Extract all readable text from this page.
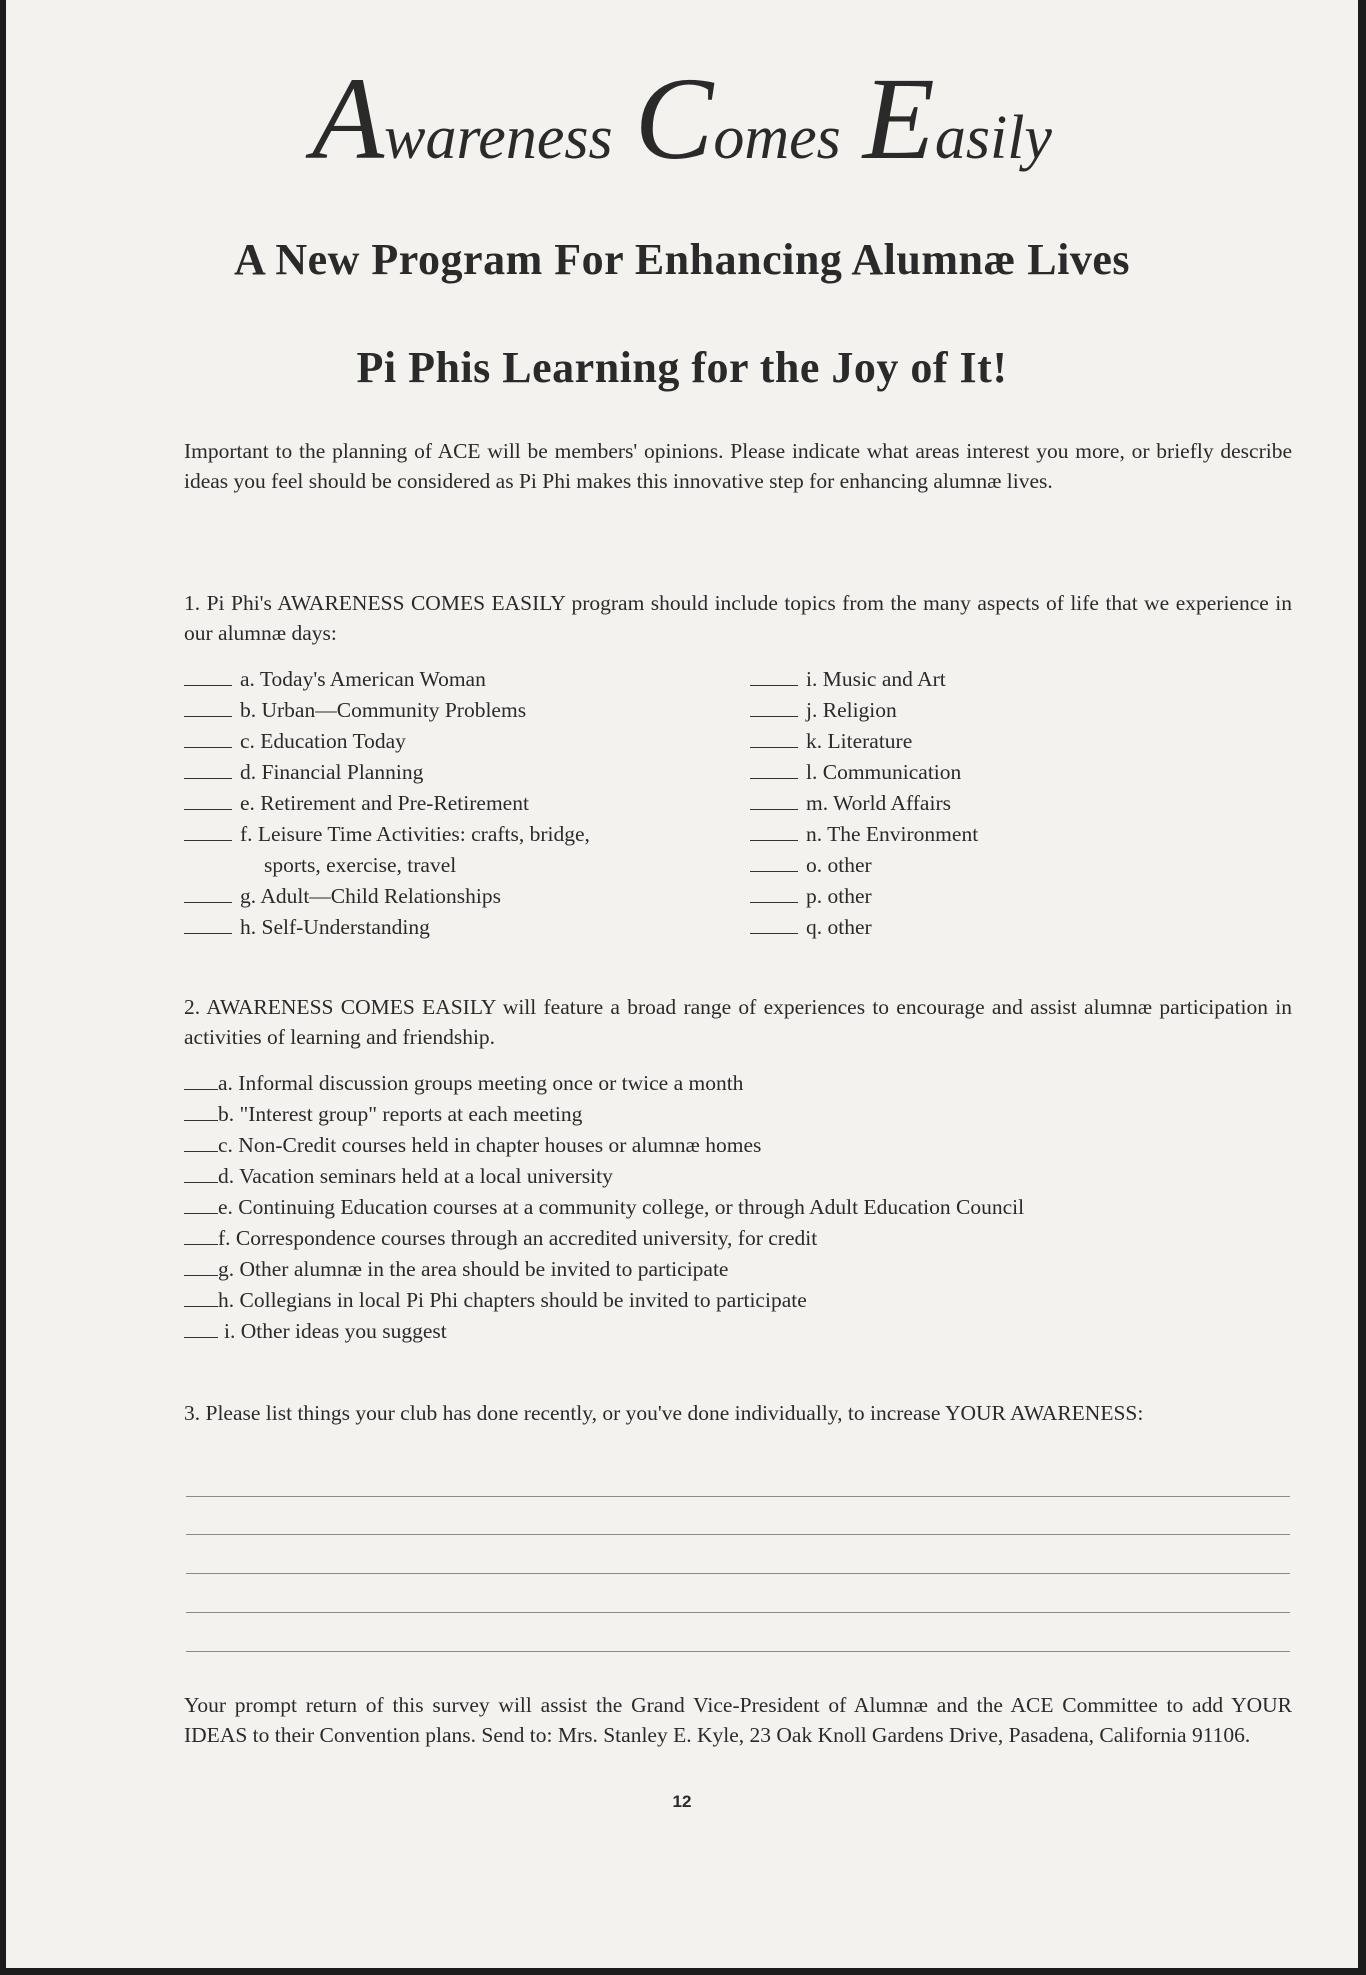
Awareness Comes Easily
A New Program For Enhancing Alumnæ Lives
Pi Phis Learning for the Joy of It!
Important to the planning of ACE will be members' opinions. Please indicate what areas interest you more, or briefly describe ideas you feel should be considered as Pi Phi makes this innovative step for enhancing alumnæ lives.
1. Pi Phi's AWARENESS COMES EASILY program should include topics from the many aspects of life that we experience in our alumnæ days:
a. Today's American Woman
b. Urban—Community Problems
c. Education Today
d. Financial Planning
e. Retirement and Pre-Retirement
f. Leisure Time Activities: crafts, bridge,
sports, exercise, travel
g. Adult—Child Relationships
h. Self-Understanding
i. Music and Art
j. Religion
k. Literature
l. Communication
m. World Affairs
n. The Environment
o. other
p. other
q. other
2. AWARENESS COMES EASILY will feature a broad range of experiences to encourage and assist alumnæ participation in activities of learning and friendship.
a. Informal discussion groups meeting once or twice a month
b. "Interest group" reports at each meeting
c. Non-Credit courses held in chapter houses or alumnæ homes
d. Vacation seminars held at a local university
e. Continuing Education courses at a community college, or through Adult Education Council
f. Correspondence courses through an accredited university, for credit
g. Other alumnæ in the area should be invited to participate
h. Collegians in local Pi Phi chapters should be invited to participate
i. Other ideas you suggest
3. Please list things your club has done recently, or you've done individually, to increase YOUR AWARENESS:
Your prompt return of this survey will assist the Grand Vice-President of Alumnæ and the ACE Committee to add YOUR IDEAS to their Convention plans. Send to: Mrs. Stanley E. Kyle, 23 Oak Knoll Gardens Drive, Pasadena, California 91106.
12
